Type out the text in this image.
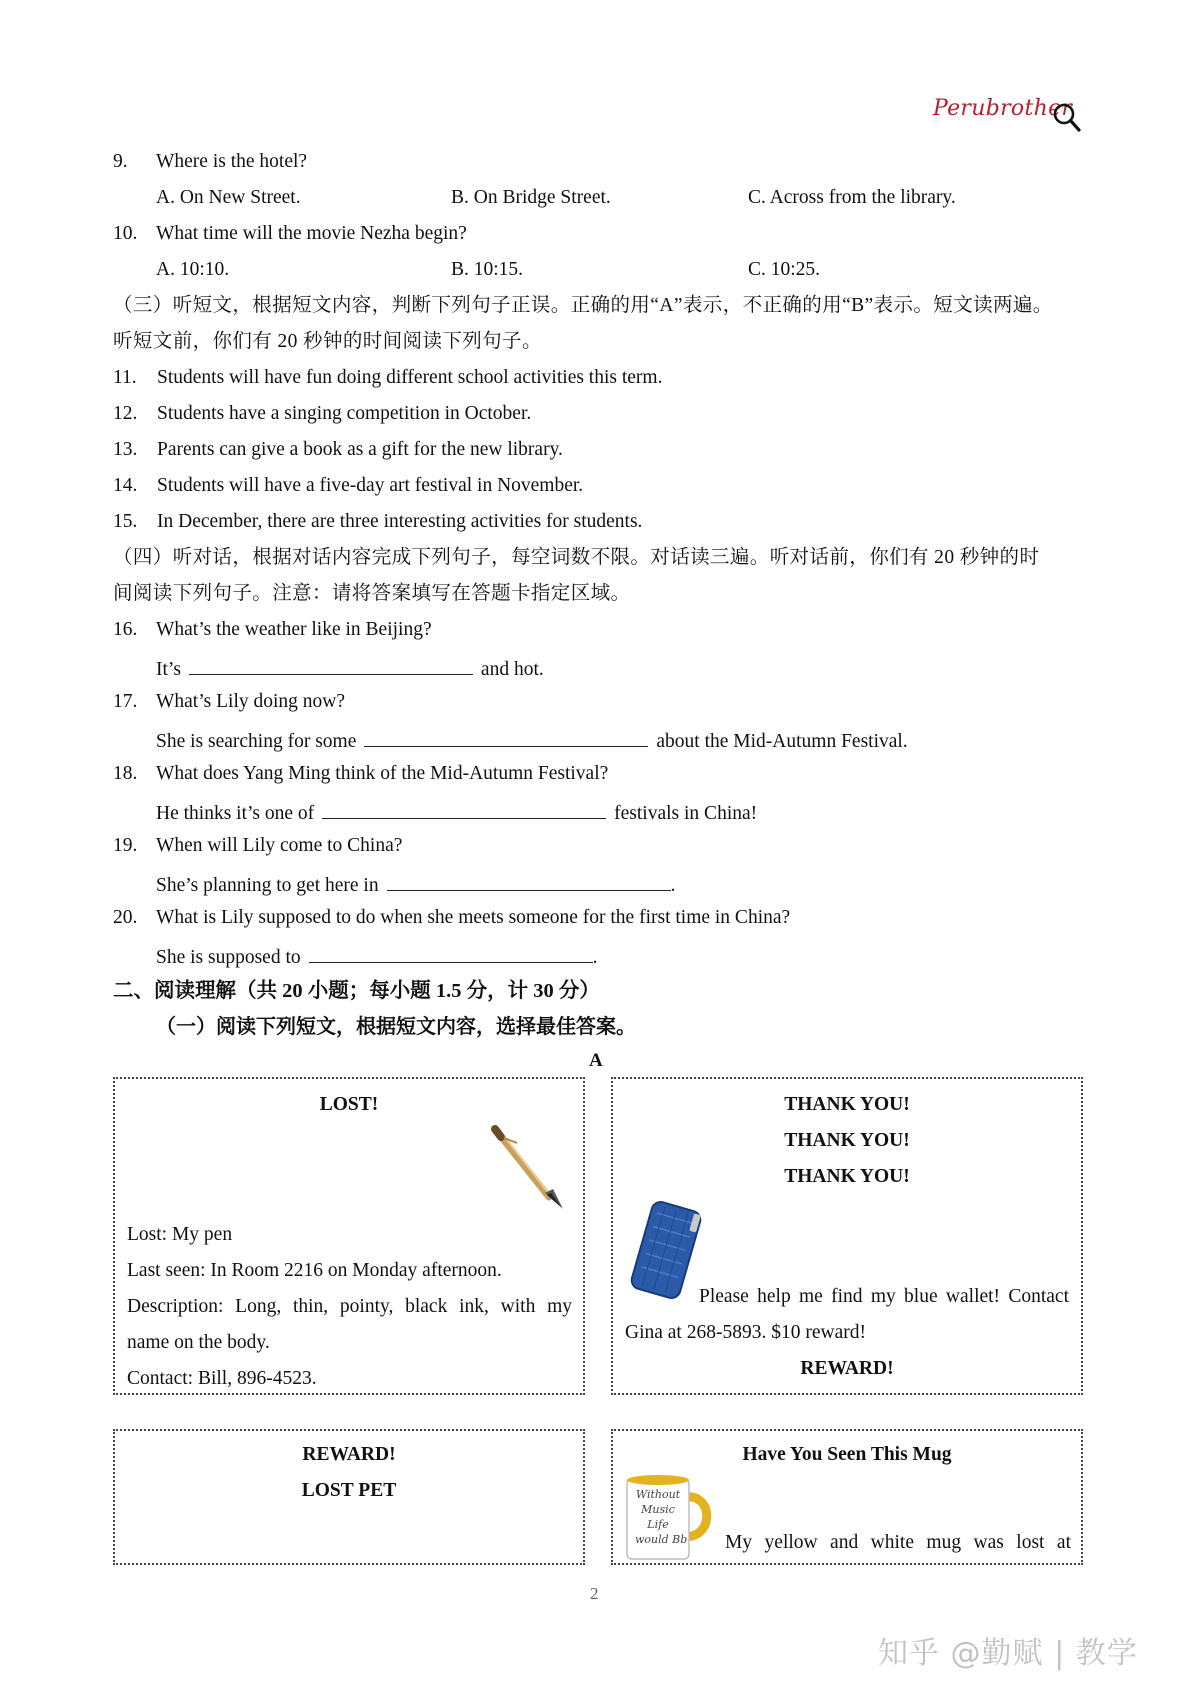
Perubrother
9. Where is the hotel?
A. On New Street.	B. On Bridge Street.	C. Across from the library.
10. What time will the movie Nezha begin?
A. 10:10.	B. 10:15.	C. 10:25.
（三）听短文，根据短文内容，判断下列句子正误。正确的用“A”表示，不正确的用“B”表示。短文读两遍。
听短文前，你们有 20 秒钟的时间阅读下列句子。
11. Students will have fun doing different school activities this term.
12. Students have a singing competition in October.
13. Parents can give a book as a gift for the new library.
14. Students will have a five-day art festival in November.
15. In December, there are three interesting activities for students.
（四）听对话，根据对话内容完成下列句子，每空词数不限。对话读三遍。听对话前，你们有 20 秒钟的时
间阅读下列句子。注意：请将答案填写在答题卡指定区域。
16. What’s the weather like in Beijing?
It’s	and hot.
17. What’s Lily doing now?
She is searching for some	about the Mid-Autumn Festival.
18. What does Yang Ming think of the Mid-Autumn Festival?
He thinks it’s one of	festivals in China!
19. When will Lily come to China?
She’s planning to get here in	.
20. What is Lily supposed to do when she meets someone for the first time in China?
She is supposed to	.
二、阅读理解（共 20 小题；每小题 1.5 分，计 30 分）
（一）阅读下列短文，根据短文内容，选择最佳答案。
A
LOST!
Lost: My pen
Last seen: In Room 2216 on Monday afternoon.
Description: Long, thin, pointy, black ink, with my
name on the body.
Contact: Bill, 896-4523.
THANK YOU!
THANK YOU!
THANK YOU!
Please help me find my blue wallet! Contact
Gina at 268-5893. $10 reward!
REWARD!
REWARD!
LOST PET
Have You Seen This Mug
Without
Music
Life
would Bb My yellow and white mug was lost at
2
知乎 @勤赋 | 教学
